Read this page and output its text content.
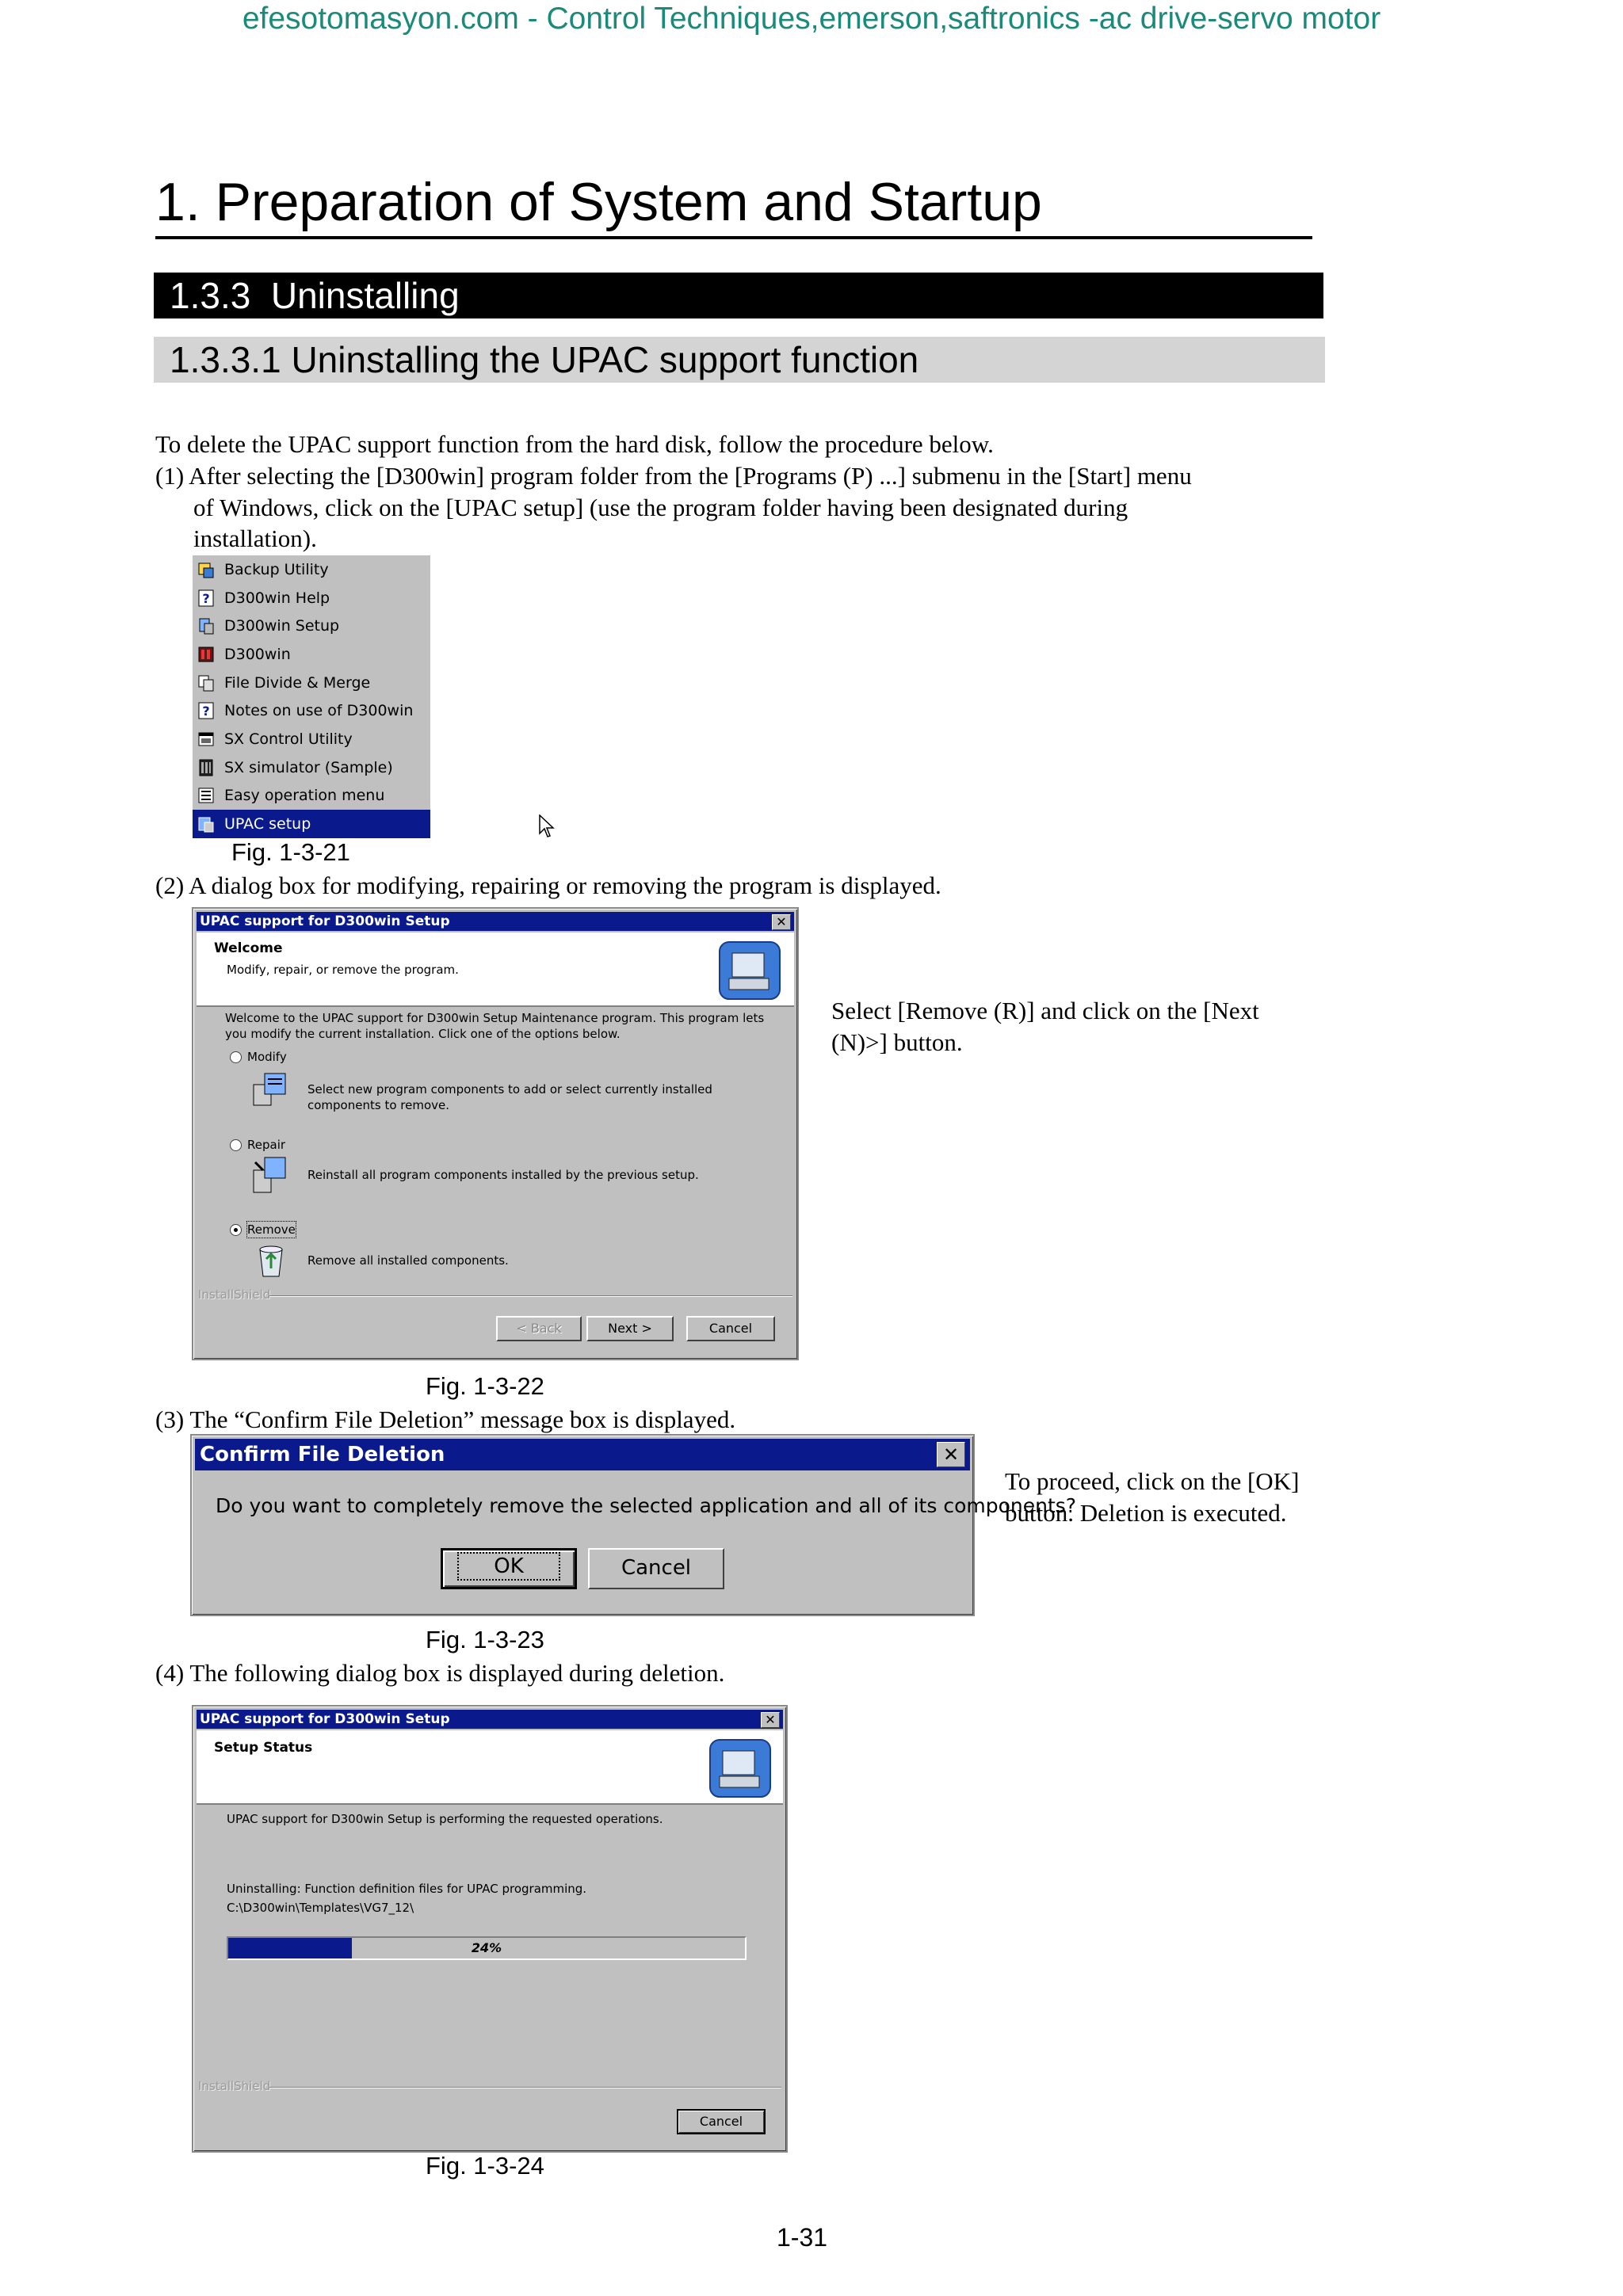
efesotomasyon.com - Control Techniques,emerson,saftronics -ac drive-servo motor
1. Preparation of System and Startup
1.3.3  Uninstalling
1.3.3.1 Uninstalling the UPAC support function
To delete the UPAC support function from the hard disk, follow the procedure below.
(1) After selecting the [D300win] program folder from the [Programs (P) ...] submenu in the [Start] menu
of Windows, click on the [UPAC setup] (use the program folder having been designated during
installation).
Backup Utility
? D300win Help
D300win Setup
D300win
File Divide & Merge
? Notes on use of D300win
SX Control Utility
SX simulator (Sample)
Easy operation menu
UPAC setup
Fig. 1-3-21
(2) A dialog box for modifying, repairing or removing the program is displayed.
UPAC support for D300win Setup	✕
Welcome
Modify, repair, or remove the program.
Welcome to the UPAC support for D300win Setup Maintenance program. This program lets
you modify the current installation. Click one of the options below.
Modify
Select new program components to add or select currently installed
components to remove.
Repair
Reinstall all program components installed by the previous setup.
Remove
Remove all installed components.
InstallShield
< Back	Next >	Cancel
Select [Remove (R)] and click on the [Next (N)>] button.
Fig. 1-3-22
(3) The “Confirm File Deletion” message box is displayed.
Confirm File Deletion	✕
Do you want to completely remove the selected application and all of its components?
OK	Cancel
To proceed, click on the [OK] button. Deletion is executed.
Fig. 1-3-23
(4) The following dialog box is displayed during deletion.
UPAC support for D300win Setup	✕
Setup Status
UPAC support for D300win Setup is performing the requested operations.
Uninstalling: Function definition files for UPAC programming.
C:\D300win\Templates\VG7_12\
24%
InstallShield
Cancel
Fig. 1-3-24
1-31
